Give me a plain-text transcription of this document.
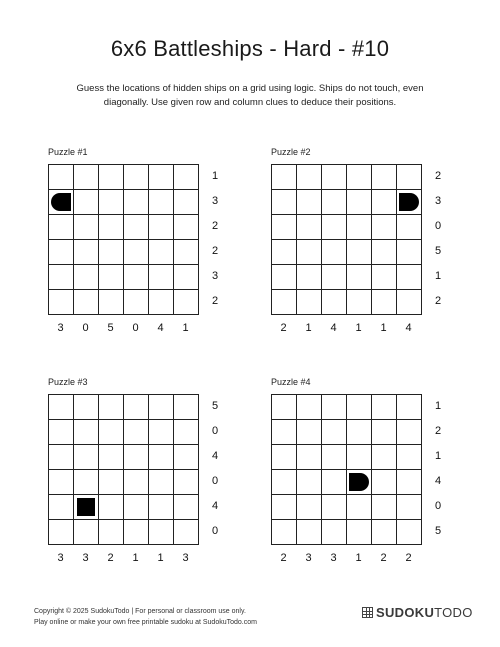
6x6 Battleships - Hard - #10
Guess the locations of hidden ships on a grid using logic. Ships do not touch, even diagonally. Use given row and column clues to deduce their positions.
Puzzle #1
1
3
2
2
3
2
3	0	5	0	4	1
Puzzle #2
2
3
0
5
1
2
2	1	4	1	1	4
Puzzle #3
5
0
4
0
4
0
3	3	2	1	1	3
Puzzle #4
1
2
1
4
0
5
2	3	3	1	2	2
Copyright © 2025 SudokuTodo | For personal or classroom use only.
Play online or make your own free printable sudoku at SudokuTodo.com
SUDOKUTODO
